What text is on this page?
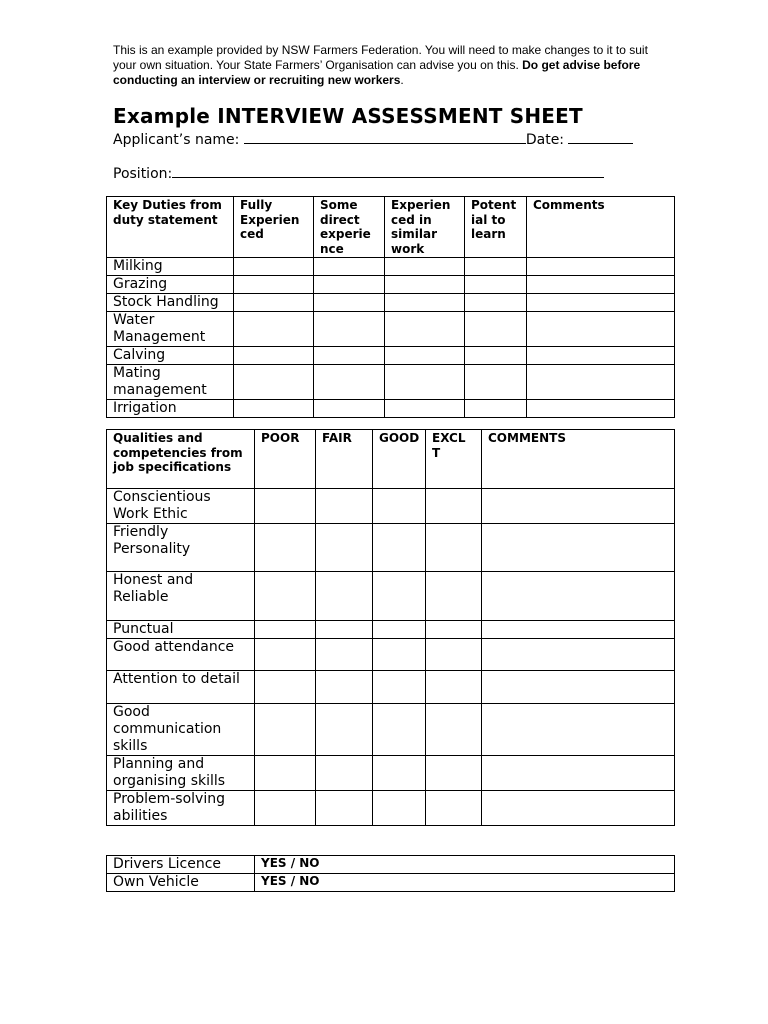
This is an example provided by NSW Farmers Federation. You will need to make changes to it to suit your own situation. Your State Farmers’ Organisation can advise you on this. Do get advise before conducting an interview or recruiting new workers.
Example INTERVIEW ASSESSMENT SHEET
Applicant’s name:	Date:
Position:
Key Duties from duty statement	Fully Experien ced	Some direct experie nce	Experien ced in similar work	Potent ial to learn	Comments
Milking					
Grazing					
Stock Handling					
Water Management					
Calving					
Mating management					
Irrigation					
Qualities and competencies from job specifications	POOR	FAIR	GOOD	EXCL T	COMMENTS
Conscientious Work Ethic					
Friendly Personality					
Honest and Reliable					
Punctual					
Good attendance					
Attention to detail					
Good communication skills					
Planning and organising skills					
Problem-solving abilities					
Drivers Licence	YES / NO
Own Vehicle	YES / NO
